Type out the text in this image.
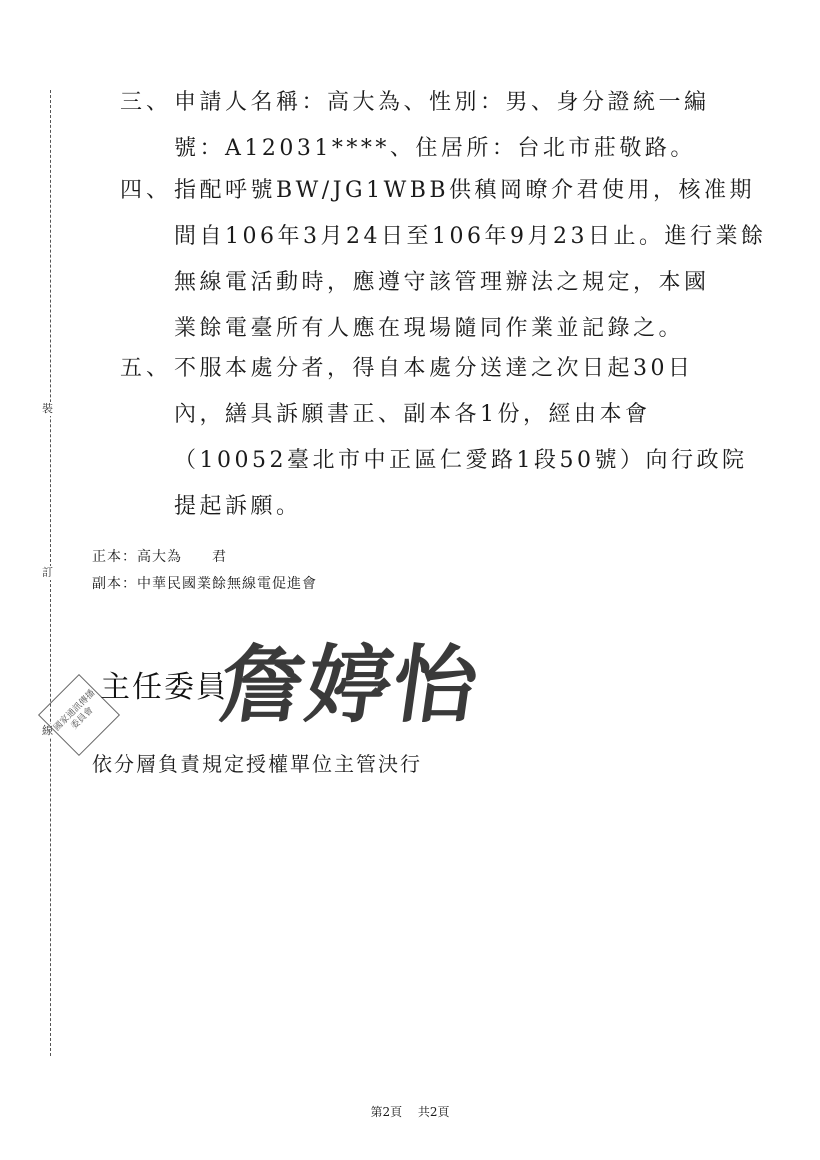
裝
訂
線
三、 申請人名稱：高大為、性別：男、身分證統一編
號：A12031****、住居所：台北市莊敬路。
四、 指配呼號BW/JG1WBB供稹岡暸介君使用，核准期
間自106年3月24日至106年9月23日止。進行業餘
無線電活動時，應遵守該管理辦法之規定，本國
業餘電臺所有人應在現場隨同作業並記錄之。
五、 不服本處分者，得自本處分送達之次日起30日
內，繕具訴願書正、副本各1份，經由本會
（10052臺北市中正區仁愛路1段50號）向行政院
提起訴願。
正本：高大為　　君
副本：中華民國業餘無線電促進會
國家通訊傳播委員會
主任委員
詹婷怡
依分層負責規定授權單位主管決行
第2頁 共2頁
